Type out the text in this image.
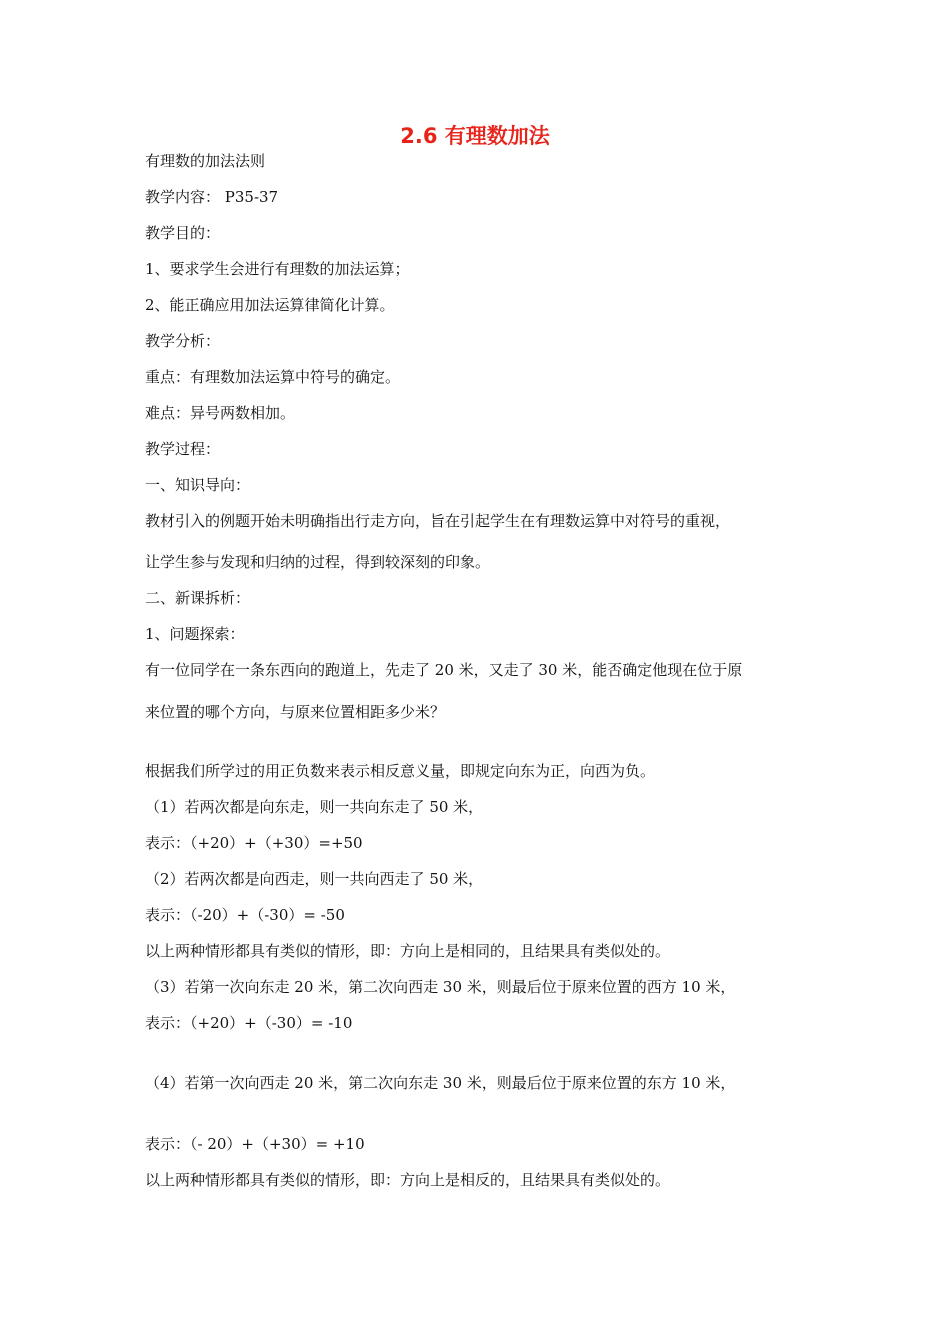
2.6 有理数加法
有理数的加法法则
教学内容： P35-37
教学目的：
1、要求学生会进行有理数的加法运算；
2、能正确应用加法运算律简化计算。
教学分析：
重点：有理数加法运算中符号的确定。
难点：异号两数相加。
教学过程：
一、知识导向：
教材引入的例题开始未明确指出行走方向，旨在引起学生在有理数运算中对符号的重视，
让学生参与发现和归纳的过程，得到较深刻的印象。
二、新课拆析：
1、问题探索：
有一位同学在一条东西向的跑道上，先走了 20 米，又走了 30 米，能否确定他现在位于原
来位置的哪个方向，与原来位置相距多少米？
根据我们所学过的用正负数来表示相反意义量，即规定向东为正，向西为负。
（1）若两次都是向东走，则一共向东走了 50 米，
表示：（+20）+（+30）=+50
（2）若两次都是向西走，则一共向西走了 50 米，
表示：（-20）+（-30）= -50
以上两种情形都具有类似的情形，即：方向上是相同的，且结果具有类似处的。
（3）若第一次向东走 20 米，第二次向西走 30 米，则最后位于原来位置的西方 10 米，
表示：（+20）+（-30）= -10
（4）若第一次向西走 20 米，第二次向东走 30 米，则最后位于原来位置的东方 10 米，
表示：（- 20）+（+30）= +10
以上两种情形都具有类似的情形，即：方向上是相反的，且结果具有类似处的。
